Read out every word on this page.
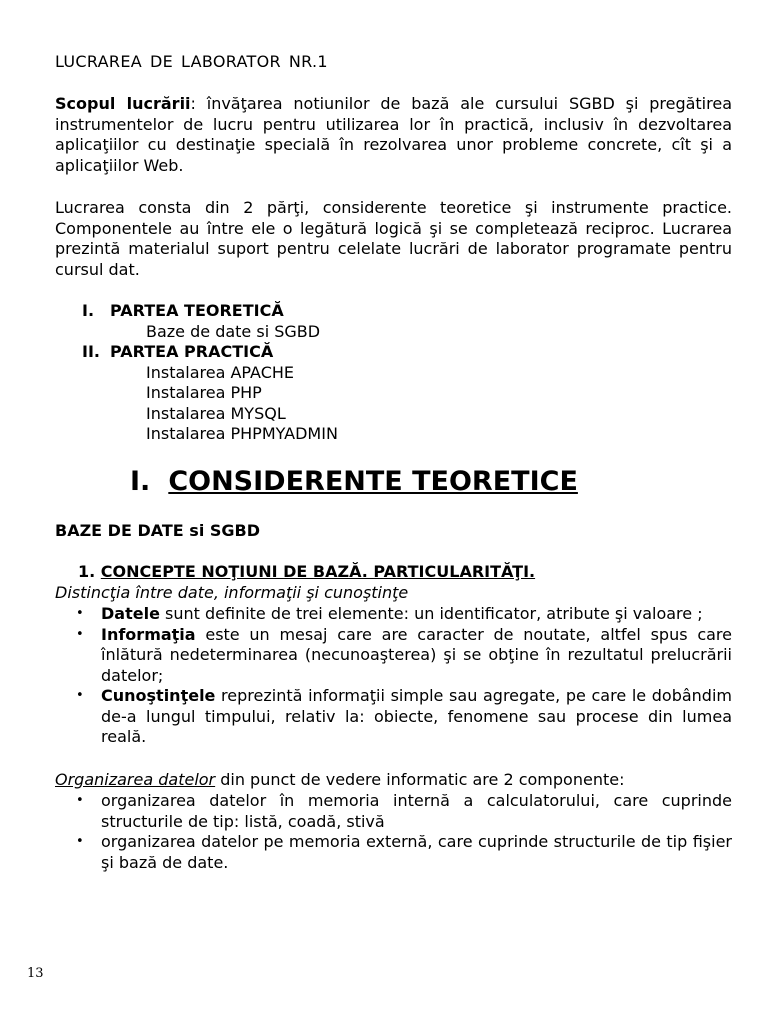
LUCRAREA DE LABORATOR NR.1

Scopul lucrării: învăţarea notiunilor de bază ale cursului SGBD şi pregătirea instrumentelor de lucru pentru utilizarea lor în practică, inclusiv în dezvoltarea aplicaţiilor cu destinaţie specială în rezolvarea unor probleme concrete, cît şi a aplicaţiilor Web.

Lucrarea consta din 2 părţi, considerente teoretice şi instrumente practice. Componentele au între ele o legătură logică şi se completează reciproc. Lucrarea prezintă materialul suport pentru celelate lucrări de laborator programate pentru cursul dat.

I. PARTEA TEORETICĂ
Baze de date si SGBD
II. PARTEA PRACTICĂ
Instalarea APACHE
Instalarea PHP
Instalarea MYSQL
Instalarea PHPMYADMIN
I. CONSIDERENTE TEORETICE
BAZE DE DATE si SGBD
1. CONCEPTE NOŢIUNI DE BAZĂ. PARTICULARITĂŢI.
Distincţia între date, informaţii şi cunoştinţe
• Datele sunt definite de trei elemente: un identificator, atribute şi valoare ;
• Informaţia este un mesaj care are caracter de noutate, altfel spus care înlătură nedeterminarea (necunoaşterea) şi se obţine în rezultatul prelucrării datelor;
• Cunoştinţele reprezintă informaţii simple sau agregate, pe care le dobândim de-a lungul timpului, relativ la: obiecte, fenomene sau procese din lumea reală.

Organizarea datelor din punct de vedere informatic are 2 componente:

• organizarea datelor în memoria internă a calculatorului, care cuprinde structurile de tip: listă, coadă, stivă
• organizarea datelor pe memoria externă, care cuprinde structurile de tip fişier şi bază de date.
13
